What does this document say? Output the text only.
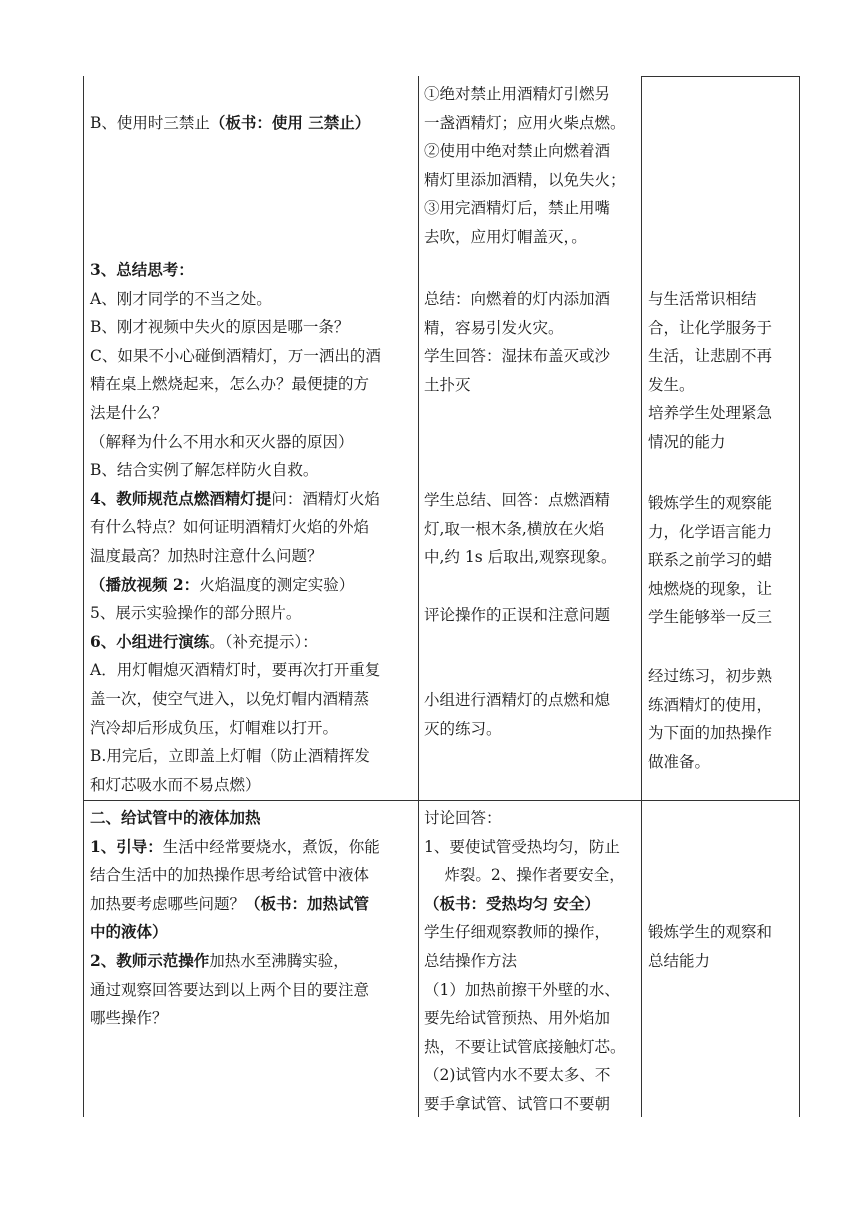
B、使用时三禁止（板书：使用 三禁止）
①绝对禁止用酒精灯引燃另
一盏酒精灯；应用火柴点燃。
②使用中绝对禁止向燃着酒
精灯里添加酒精，以免失火；
③用完酒精灯后，禁止用嘴
去吹，应用灯帽盖灭，。
3、总结思考：
A、刚才同学的不当之处。
B、刚才视频中失火的原因是哪一条？
C、如果不小心碰倒酒精灯，万一洒出的酒
精在桌上燃烧起来，怎么办？最便捷的方
法是什么？
（解释为什么不用水和灭火器的原因）
B、结合实例了解怎样防火自救。
4、教师规范点燃酒精灯提问：酒精灯火焰
有什么特点？如何证明酒精灯火焰的外焰
温度最高？加热时注意什么问题？
（播放视频 2：火焰温度的测定实验）
5、展示实验操作的部分照片。
6、小组进行演练。（补充提示）：
A．用灯帽熄灭酒精灯时，要再次打开重复
盖一次，使空气进入，以免灯帽内酒精蒸
汽冷却后形成负压，灯帽难以打开。
B.用完后，立即盖上灯帽（防止酒精挥发
和灯芯吸水而不易点燃）
总结：向燃着的灯内添加酒
精，容易引发火灾。
学生回答：湿抹布盖灭或沙
土扑灭
学生总结、回答：点燃酒精
灯,取一根木条,横放在火焰
中,约 1s 后取出,观察现象。
评论操作的正误和注意问题
小组进行酒精灯的点燃和熄
灭的练习。
与生活常识相结
合，让化学服务于
生活，让悲剧不再
发生。
培养学生处理紧急
情况的能力
锻炼学生的观察能
力，化学语言能力
联系之前学习的蜡
烛燃烧的现象，让
学生能够举一反三
经过练习，初步熟
练酒精灯的使用，
为下面的加热操作
做准备。
二、给试管中的液体加热
1、引导：生活中经常要烧水，煮饭，你能
结合生活中的加热操作思考给试管中液体
加热要考虑哪些问题？（板书：加热试管
中的液体）
2、教师示范操作加热水至沸腾实验，
通过观察回答要达到以上两个目的要注意
哪些操作？
讨论回答：
1、要使试管受热均匀，防止
　 炸裂。2、操作者要安全，
（板书：受热均匀 安全）
学生仔细观察教师的操作，
总结操作方法
（1）加热前擦干外壁的水、
要先给试管预热、用外焰加
热，不要让试管底接触灯芯。
（2)试管内水不要太多、不
要手拿试管、试管口不要朝
锻炼学生的观察和
总结能力
